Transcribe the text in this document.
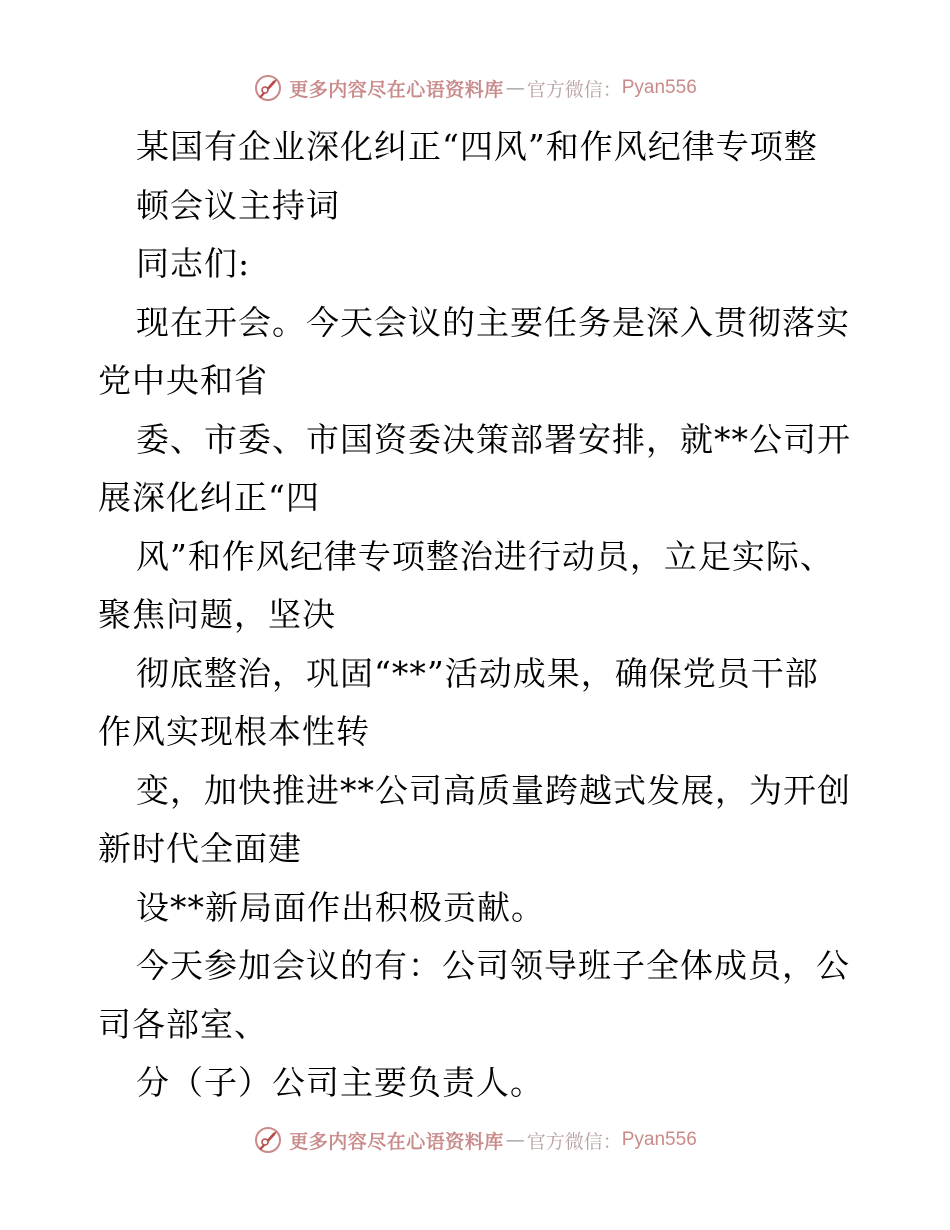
更多内容尽在心语资料库 — 官方微信： Pyan556
某国有企业深化纠正“四风”和作风纪律专项整
顿会议主持词
同志们:
现在开会。今天会议的主要任务是深入贯彻落实
党中央和省
委、市委、市国资委决策部署安排，就**公司开
展深化纠正“四
风”和作风纪律专项整治进行动员，立足实际、
聚焦问题，坚决
彻底整治，巩固“**”活动成果，确保党员干部
作风实现根本性转
变，加快推进**公司高质量跨越式发展，为开创
新时代全面建
设**新局面作出积极贡献。
今天参加会议的有：公司领导班子全体成员，公
司各部室、
分（子）公司主要负责人。
更多内容尽在心语资料库 — 官方微信： Pyan556
